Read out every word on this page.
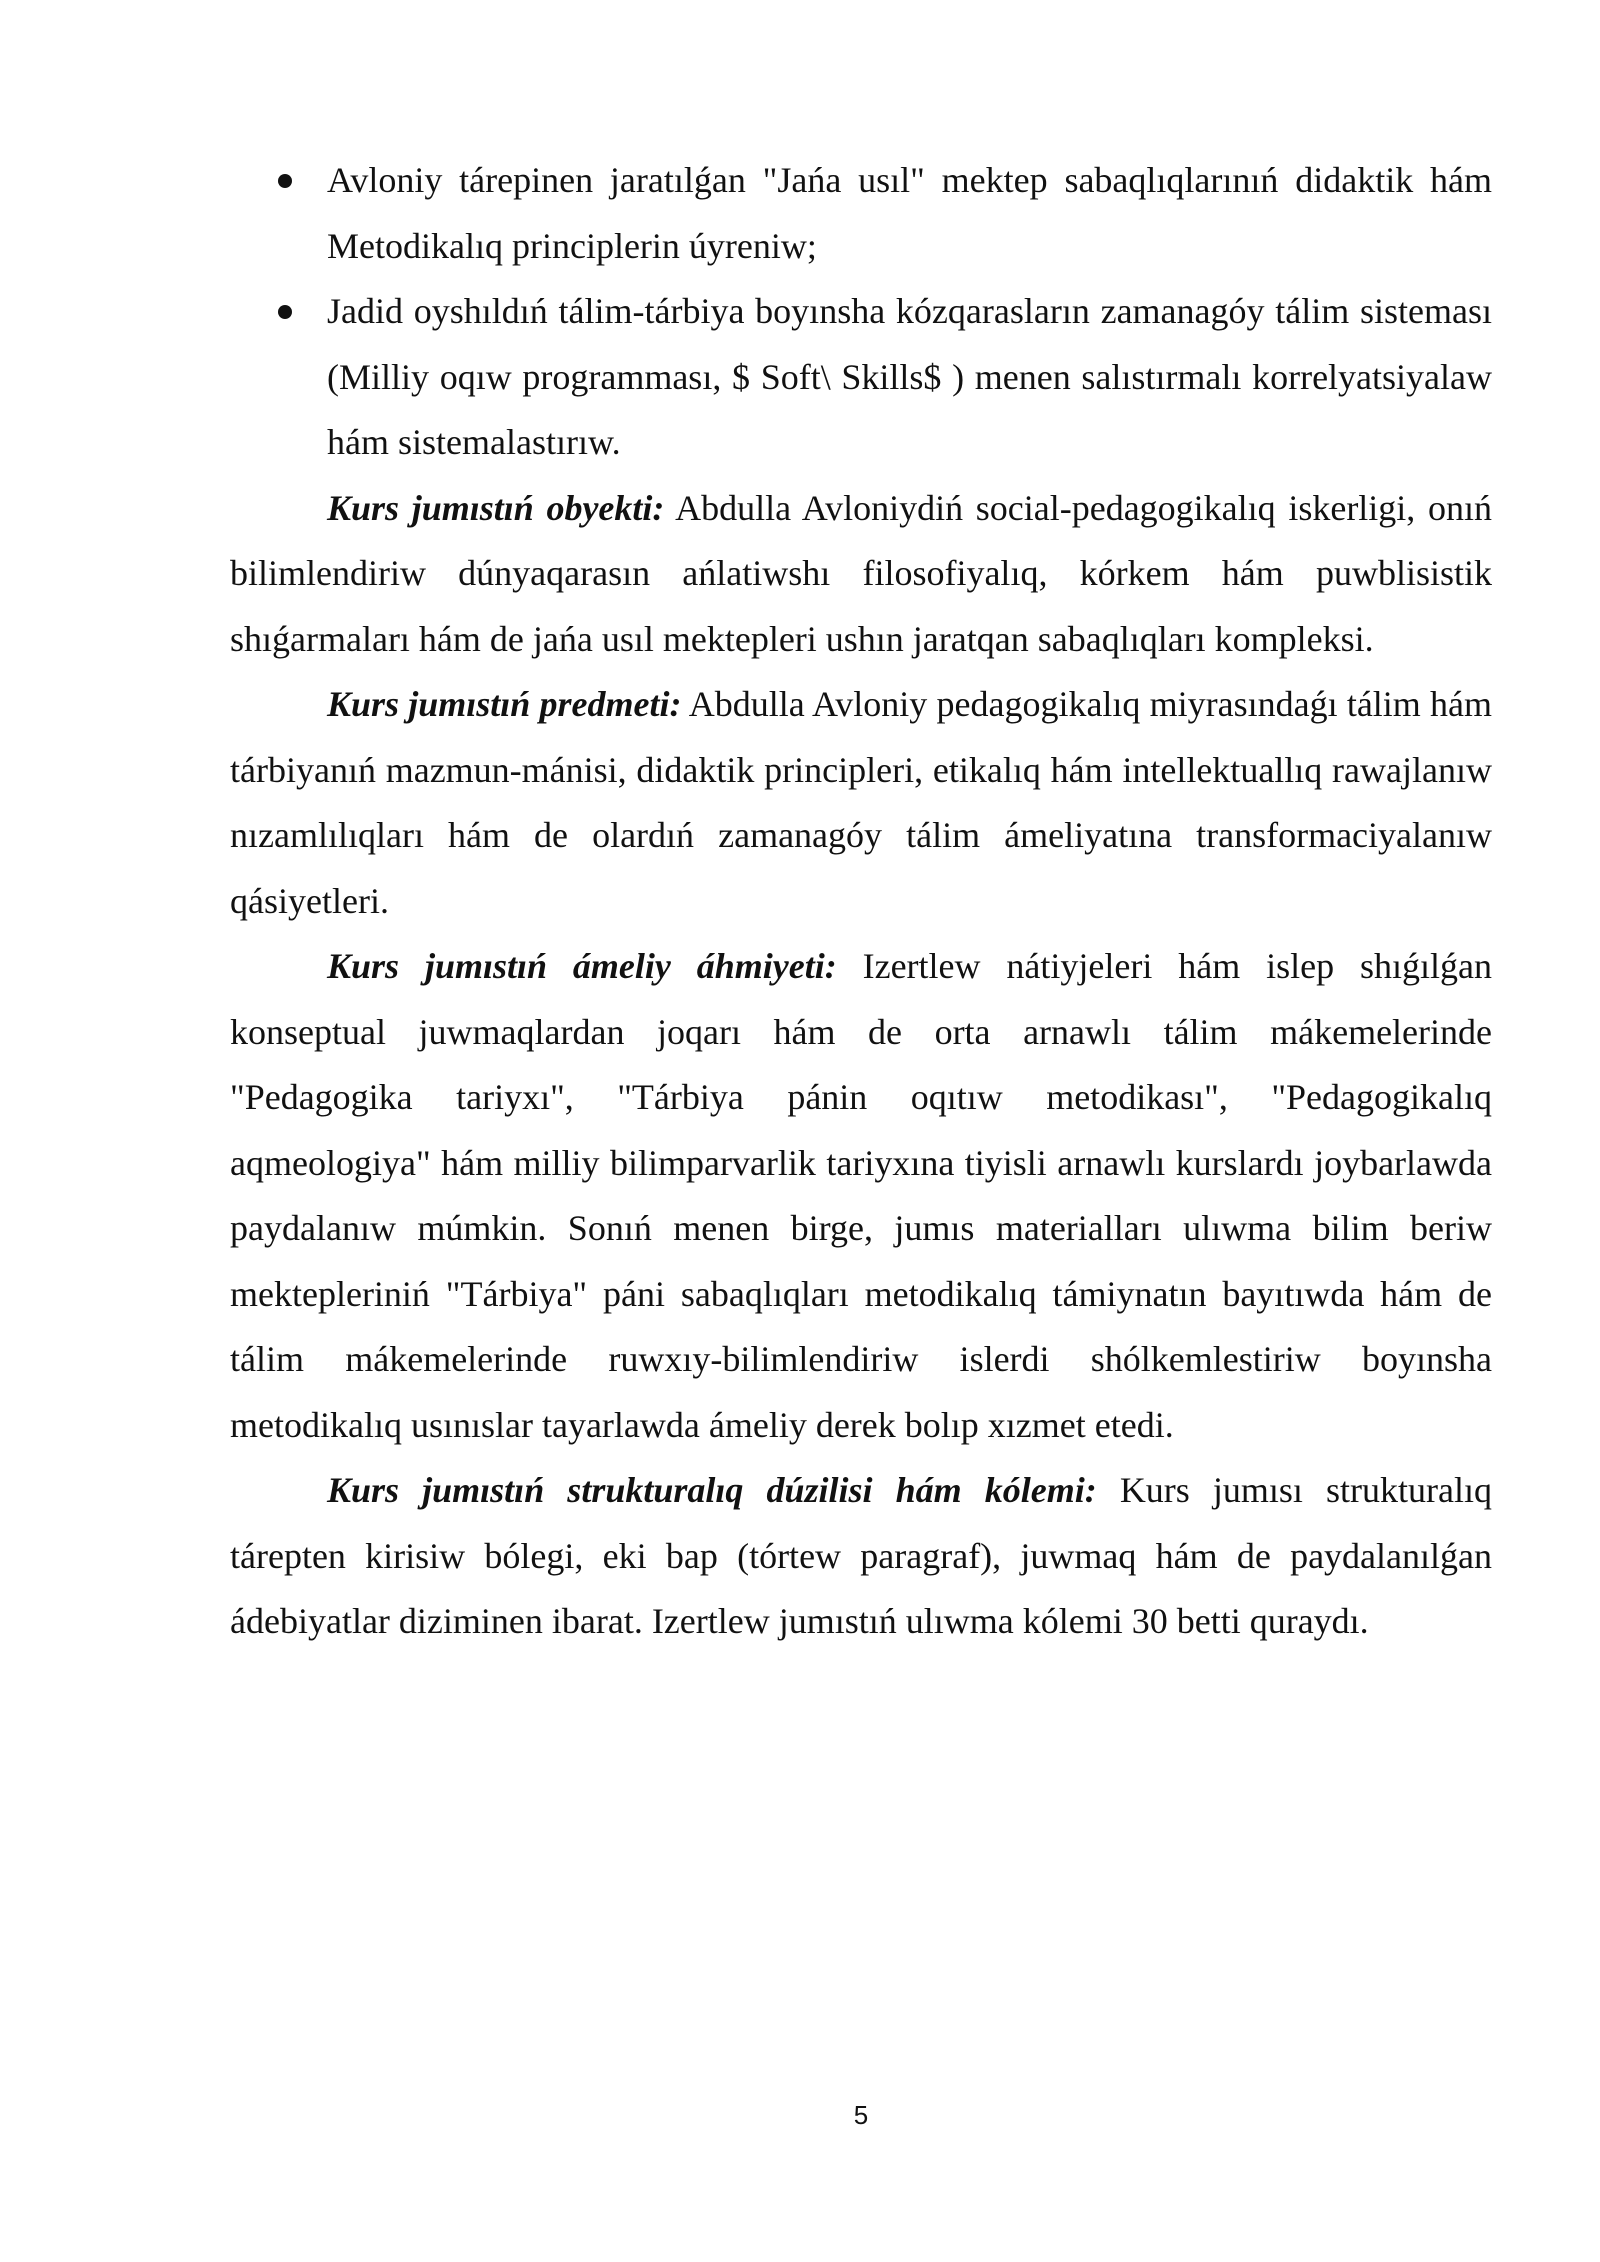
Avloniy tárepinen jaratılǵan "Jańa usıl" mektep sabaqlıqlarınıń didaktik hám Metodikalıq principlerin úyreniw;
Jadid oyshıldıń tálim-tárbiya boyınsha kózqarasların zamanagóy tálim sisteması (Milliy oqıw programması, $ Soft\ Skills$ ) menen salıstırmalı korrelyatsiyalaw hám sistemalastırıw.

Kurs jumıstıń obyekti: Abdulla Avloniydiń social-pedagogikalıq iskerligi, onıń bilimlendiriw dúnyaqarasın ańlatiwshı filosofiyalıq, kórkem hám puwblisistik shıǵarmaları hám de jańa usıl mektepleri ushın jaratqan sabaqlıqları kompleksi.

Kurs jumıstıń predmeti: Abdulla Avloniy pedagogikalıq miyrasındaǵı tálim hám tárbiyanıń mazmun-mánisi, didaktik principleri, etikalıq hám intellektuallıq rawajlanıw nızamlılıqları hám de olardıń zamanagóy tálim ámeliyatına transformaciyalanıw qásiyetleri.

Kurs jumıstıń ámeliy áhmiyeti: Izertlew nátiyjeleri hám islep shıǵılǵan konseptual juwmaqlardan joqarı hám de orta arnawlı tálim mákemelerinde "Pedagogika tariyxı", "Tárbiya pánin oqıtıw metodikası", "Pedagogikalıq aqmeologiya" hám milliy bilimparvarlik tariyxına tiyisli arnawlı kurslardı joybarlawda paydalanıw múmkin. Sonıń menen birge, jumıs materialları ulıwma bilim beriw mektepleriniń "Tárbiya" páni sabaqlıqları metodikalıq támiynatın bayıtıwda hám de tálim mákemelerinde ruwxıy-bilimlendiriw islerdi shólkemlestiriw boyınsha metodikalıq usınıslar tayarlawda ámeliy derek bolıp xızmet etedi.

Kurs jumıstıń strukturalıq dúzilisi hám kólemi: Kurs jumısı strukturalıq tárepten kirisiw bólegi, eki bap (tórtew paragraf), juwmaq hám de paydalanılǵan ádebiyatlar diziminen ibarat. Izertlew jumıstıń ulıwma kólemi 30 betti quraydı.

5
